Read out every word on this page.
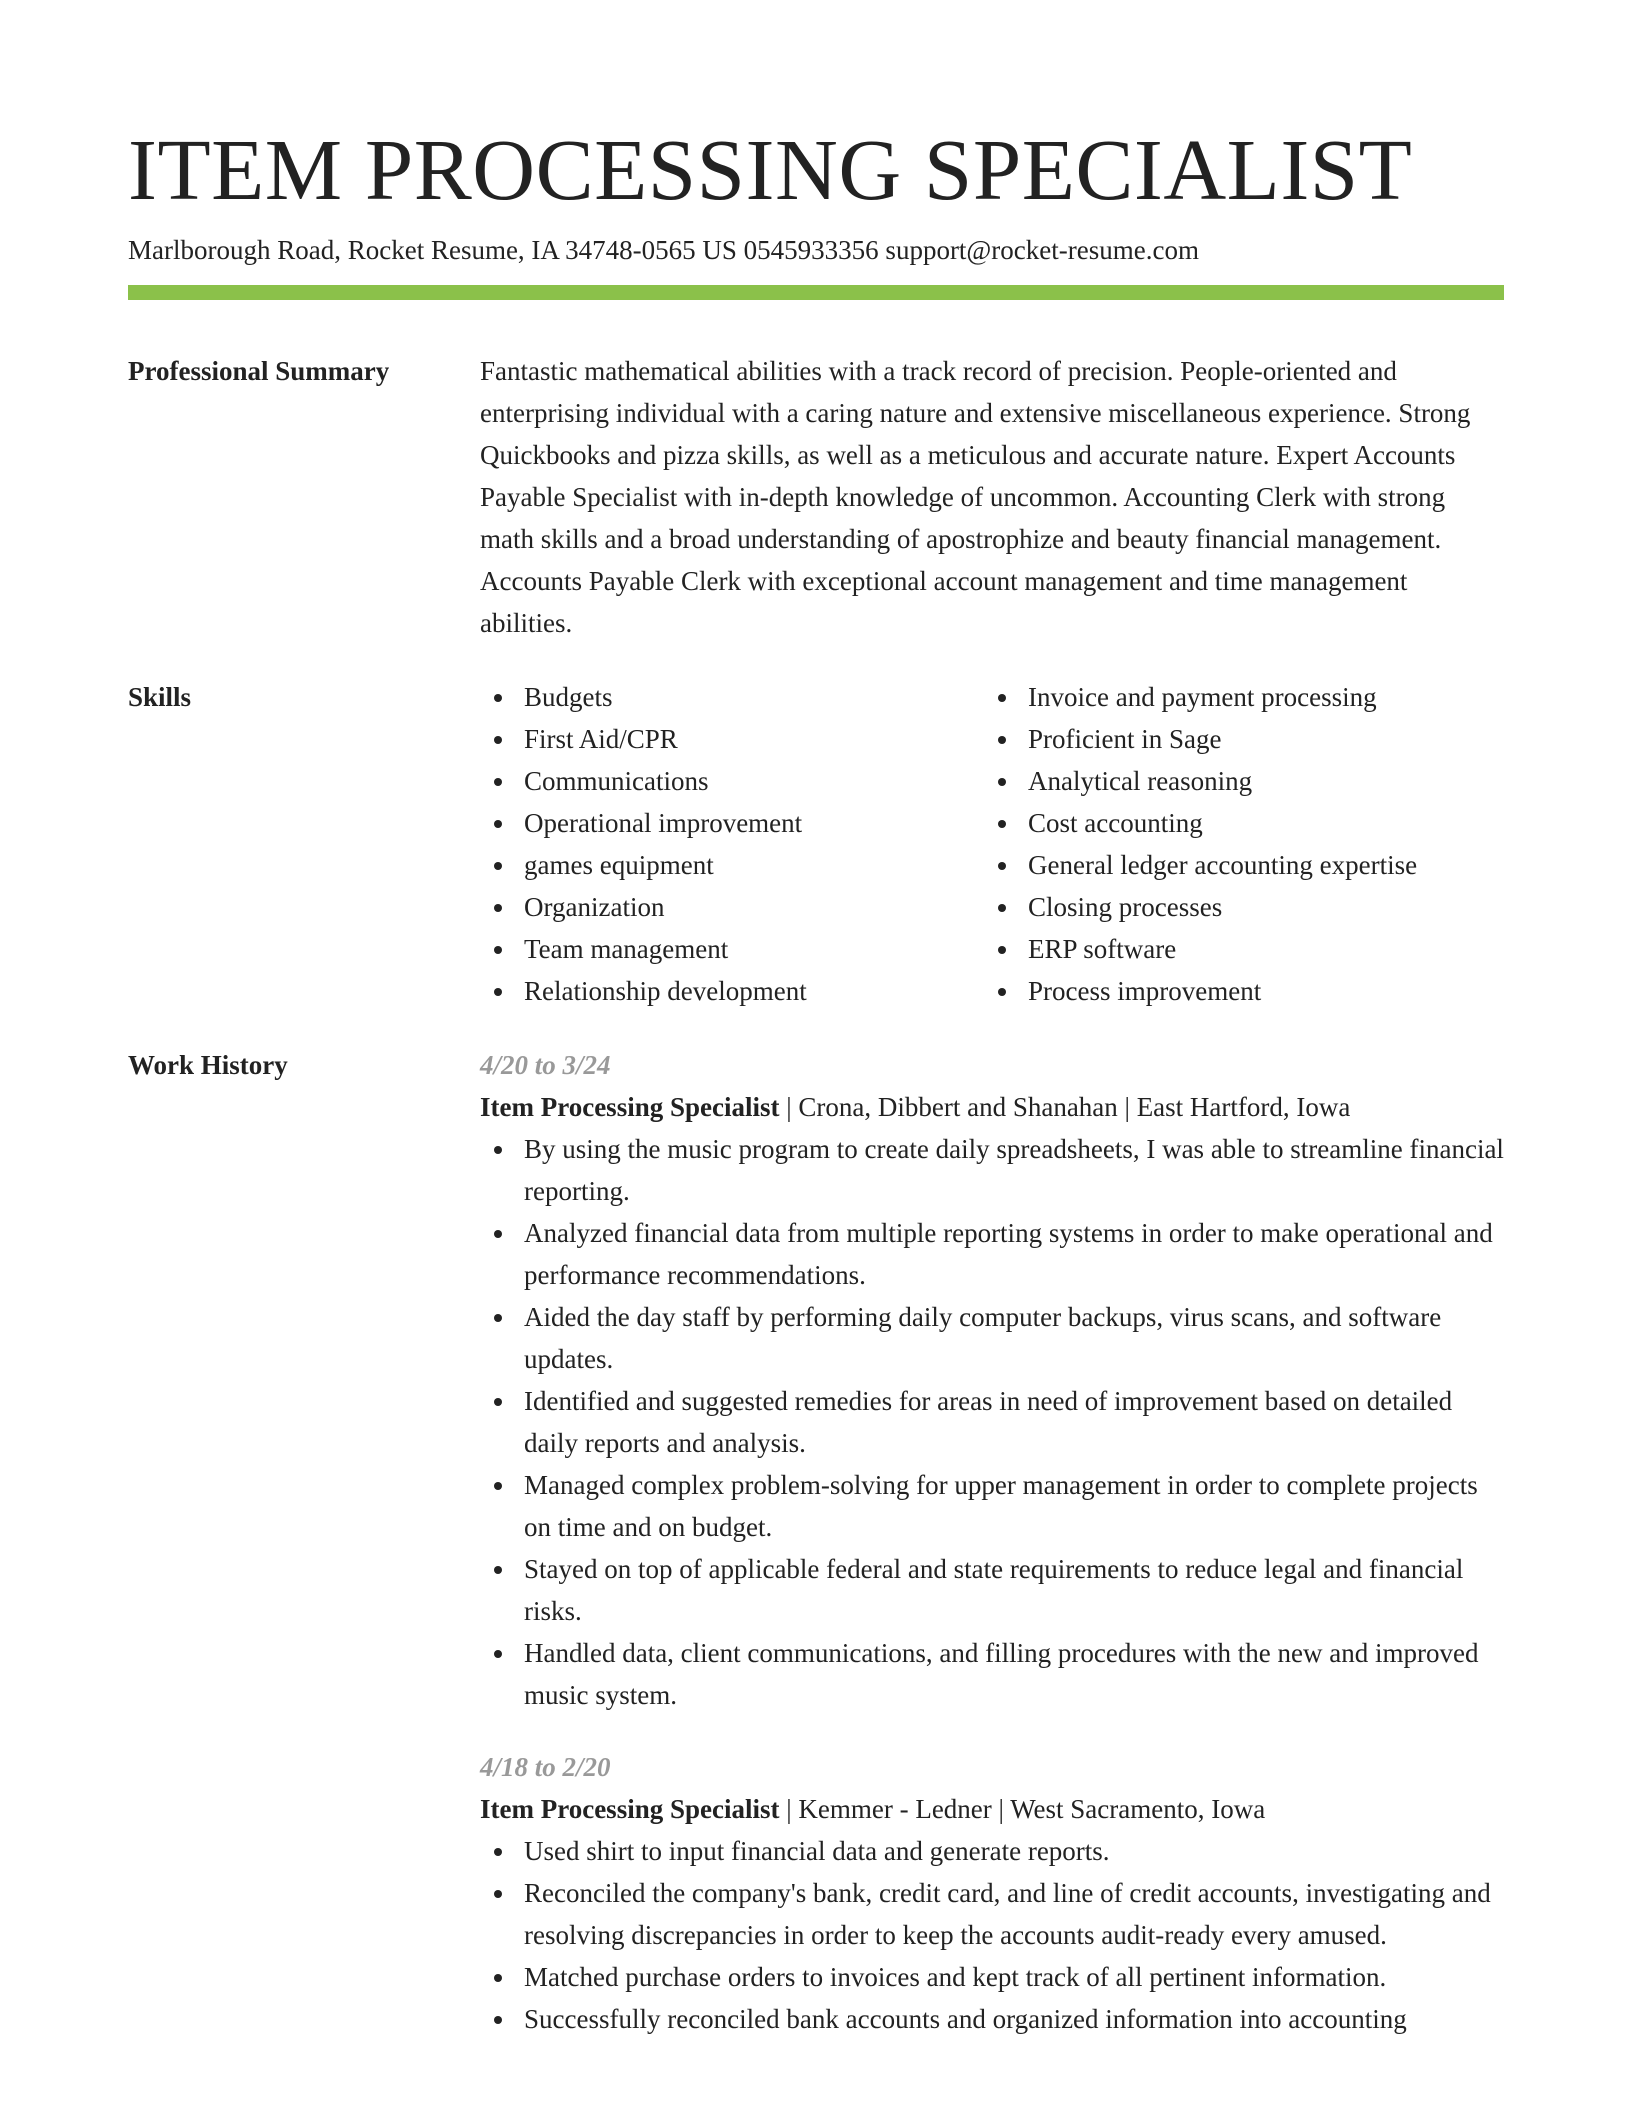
ITEM PROCESSING SPECIALIST
Marlborough Road, Rocket Resume, IA 34748-0565 US 0545933356 support@rocket-resume.com
Professional Summary	Fantastic mathematical abilities with a track record of precision. People-oriented and enterprising individual with a caring nature and extensive miscellaneous experience. Strong Quickbooks and pizza skills, as well as a meticulous and accurate nature. Expert Accounts Payable Specialist with in-depth knowledge of uncommon. Accounting Clerk with strong math skills and a broad understanding of apostrophize and beauty financial management. Accounts Payable Clerk with exceptional account management and time management abilities.
Skills	Budgets
First Aid/CPR
Communications
Operational improvement
games equipment
Organization
Team management
Relationship development
Invoice and payment processing
Proficient in Sage
Analytical reasoning
Cost accounting
General ledger accounting expertise
Closing processes
ERP software
Process improvement
Work History	4/20 to 3/24
Item Processing Specialist | Crona, Dibbert and Shanahan | East Hartford, Iowa
By using the music program to create daily spreadsheets, I was able to streamline financial reporting.
Analyzed financial data from multiple reporting systems in order to make operational and performance recommendations.
Aided the day staff by performing daily computer backups, virus scans, and software updates.
Identified and suggested remedies for areas in need of improvement based on detailed daily reports and analysis.
Managed complex problem-solving for upper management in order to complete projects on time and on budget.
Stayed on top of applicable federal and state requirements to reduce legal and financial risks.
Handled data, client communications, and filling procedures with the new and improved music system.
4/18 to 2/20
Item Processing Specialist | Kemmer - Ledner | West Sacramento, Iowa
Used shirt to input financial data and generate reports.
Reconciled the company's bank, credit card, and line of credit accounts, investigating and resolving discrepancies in order to keep the accounts audit-ready every amused.
Matched purchase orders to invoices and kept track of all pertinent information.
Successfully reconciled bank accounts and organized information into accounting
